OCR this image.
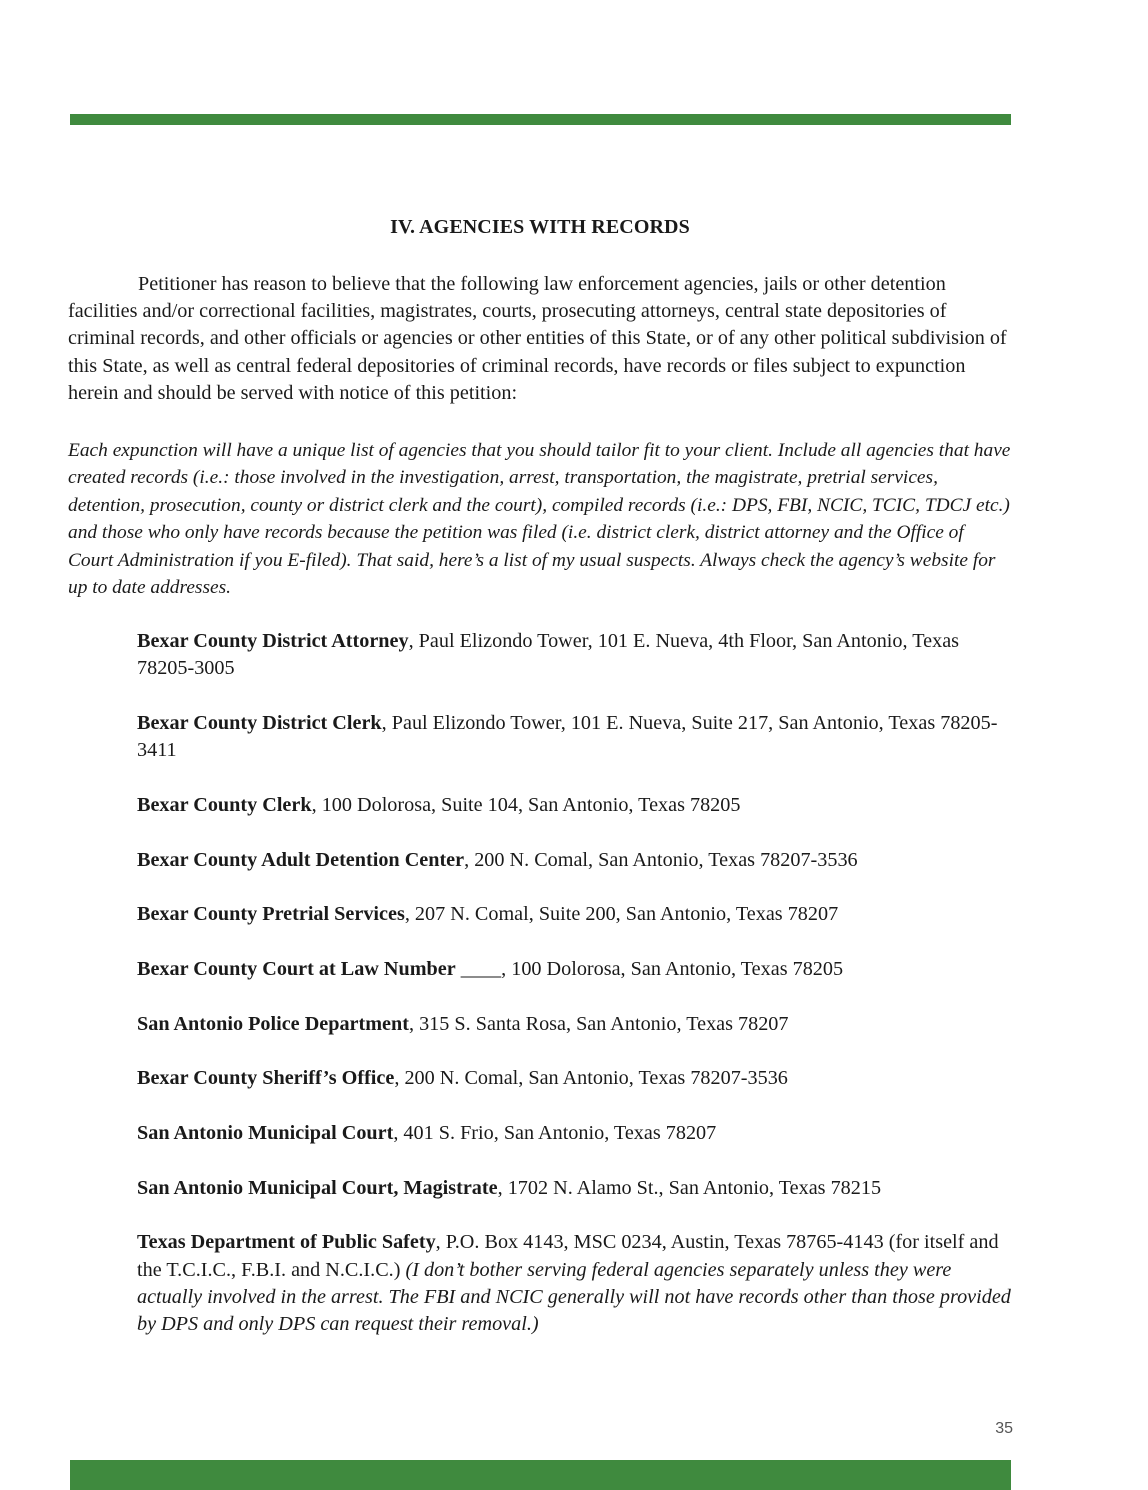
IV. AGENCIES WITH RECORDS

Petitioner has reason to believe that the following law enforcement agencies, jails or other detention facilities and/or correctional facilities, magistrates, courts, prosecuting attorneys, central state depositories of criminal records, and other officials or agencies or other entities of this State, or of any other political subdivision of this State, as well as central federal depositories of criminal records, have records or files subject to expunction herein and should be served with notice of this petition:

Each expunction will have a unique list of agencies that you should tailor fit to your client. Include all agencies that have created records (i.e.: those involved in the investigation, arrest, transportation, the magistrate, pretrial services, detention, prosecution, county or district clerk and the court), compiled records (i.e.: DPS, FBI, NCIC, TCIC, TDCJ etc.) and those who only have records because the petition was filed (i.e. district clerk, district attorney and the Office of Court Administration if you E-filed). That said, here’s a list of my usual suspects. Always check the agency’s website for up to date addresses.

Bexar County District Attorney, Paul Elizondo Tower, 101 E. Nueva, 4th Floor, San Antonio, Texas 78205-3005
Bexar County District Clerk, Paul Elizondo Tower, 101 E. Nueva, Suite 217, San Antonio, Texas 78205-3411
Bexar County Clerk, 100 Dolorosa, Suite 104, San Antonio, Texas 78205
Bexar County Adult Detention Center, 200 N. Comal, San Antonio, Texas 78207-3536
Bexar County Pretrial Services, 207 N. Comal, Suite 200, San Antonio, Texas 78207
Bexar County Court at Law Number ____, 100 Dolorosa, San Antonio, Texas 78205
San Antonio Police Department, 315 S. Santa Rosa, San Antonio, Texas 78207
Bexar County Sheriff’s Office, 200 N. Comal, San Antonio, Texas 78207-3536
San Antonio Municipal Court, 401 S. Frio, San Antonio, Texas 78207
San Antonio Municipal Court, Magistrate, 1702 N. Alamo St., San Antonio, Texas 78215
Texas Department of Public Safety, P.O. Box 4143, MSC 0234, Austin, Texas 78765-4143 (for itself and the T.C.I.C., F.B.I. and N.C.I.C.) (I don’t bother serving federal agencies separately unless they were actually involved in the arrest. The FBI and NCIC generally will not have records other than those provided by DPS and only DPS can request their removal.)
35
